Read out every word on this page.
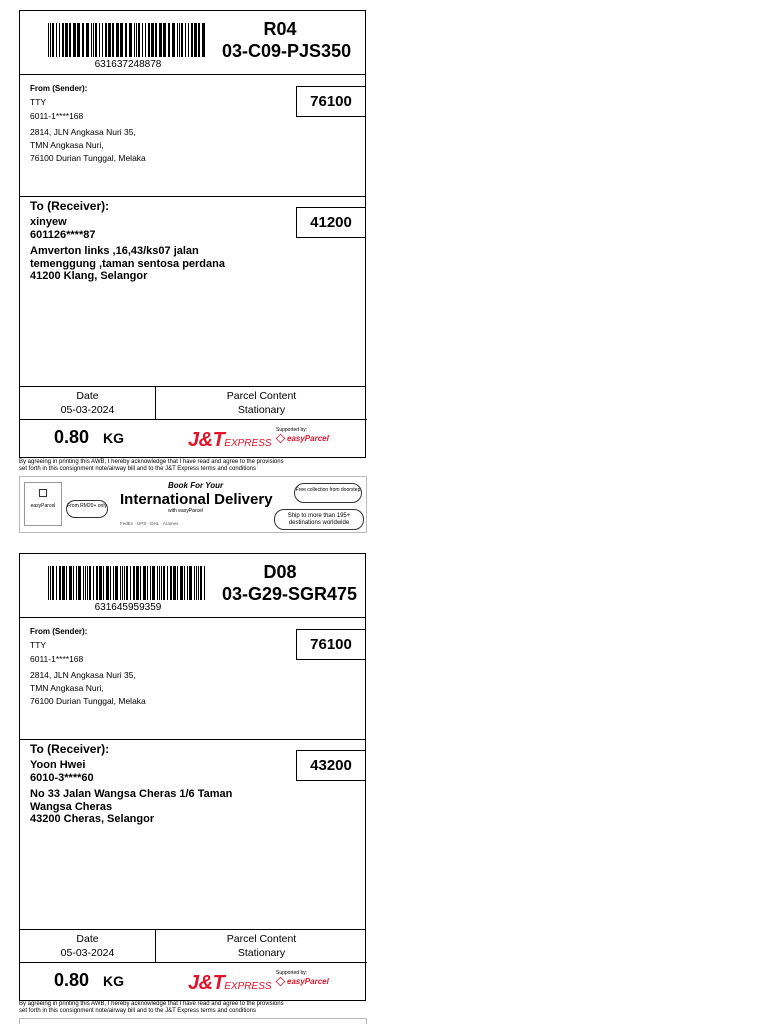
631637248878
R04
03-C09-PJS350
From (Sender):
TTY
6011-1****168
2814, JLN Angkasa Nuri 35,
TMN Angkasa Nuri,
76100 Durian Tunggal, Melaka
76100
To (Receiver):
xinyew
601126****87
Amverton links ,16,43/ks07 jalan
temenggung ,taman sentosa perdana
41200 Klang, Selangor
41200
Date
05-03-2024
Parcel Content
Stationary
0.80 KG	J&TEXPRESS
Supported by:
easyParcel
By agreeing in printing this AWB, I hereby acknowledge that I have read and agree to the provisions
set forth in this consignment note/airway bill and to the J&T Express terms and conditions
easyParcel	From RM20+ only
Book For Your
International Delivery
with easyParcel
FedEx · UPS · DHL · Aramex
Free collection from doorstep
Ship to more than 195+ destinations worldwide
631645959359
D08
03-G29-SGR475
From (Sender):
TTY
6011-1****168
2814, JLN Angkasa Nuri 35,
TMN Angkasa Nuri,
76100 Durian Tunggal, Melaka
76100
To (Receiver):
Yoon Hwei
6010-3****60
No 33 Jalan Wangsa Cheras 1/6 Taman
Wangsa Cheras
43200 Cheras, Selangor
43200
Date
05-03-2024
Parcel Content
Stationary
0.80 KG	J&TEXPRESS
Supported by:
easyParcel
By agreeing in printing this AWB, I hereby acknowledge that I have read and agree to the provisions
set forth in this consignment note/airway bill and to the J&T Express terms and conditions
